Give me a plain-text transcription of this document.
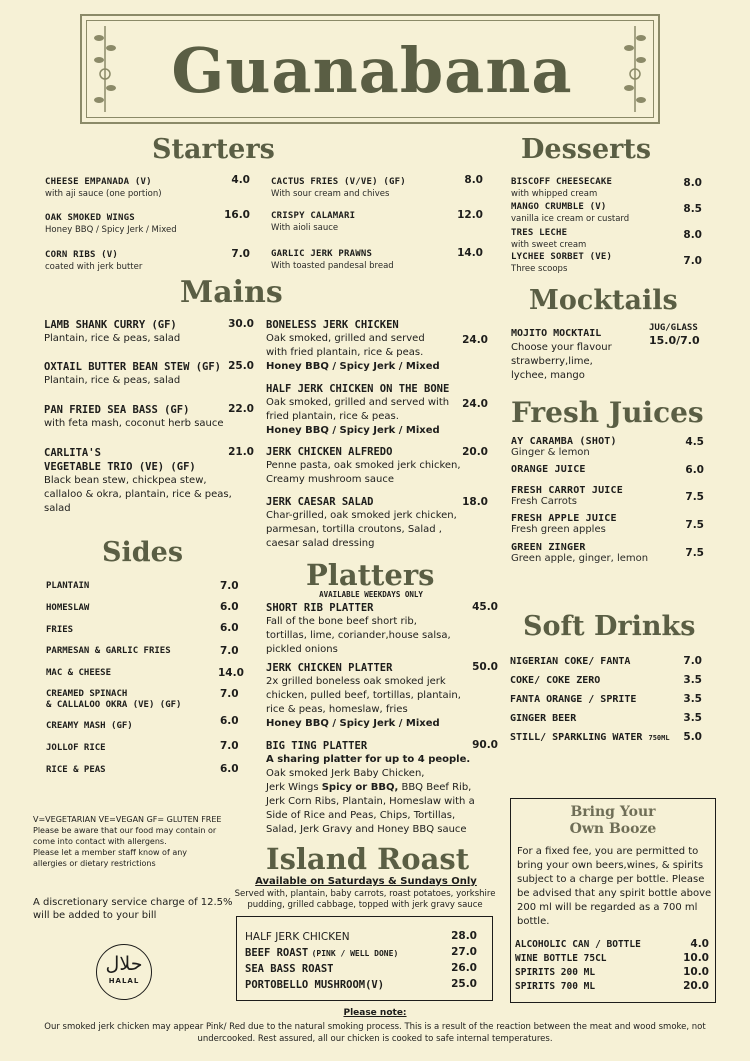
Guanabana
Starters
CHEESE EMPANADA (V)
with aji sauce (one portion)
4.0
OAK SMOKED WINGS
Honey BBQ / Spicy Jerk / Mixed
16.0
CORN RIBS (V)
coated with jerk butter
7.0
CACTUS FRIES (V/VE) (GF)
With sour cream and chives
8.0
CRISPY CALAMARI
With aioli sauce
12.0
GARLIC JERK PRAWNS
With toasted pandesal bread
14.0
Mains
LAMB SHANK CURRY (GF)
Plantain, rice & peas, salad
30.0
OXTAIL BUTTER BEAN STEW (GF)
Plantain, rice & peas, salad
25.0
PAN FRIED SEA BASS (GF)
with feta mash, coconut herb sauce
22.0
CARLITA'S
VEGETABLE TRIO (VE) (GF)
Black bean stew, chickpea stew,
callaloo & okra, plantain, rice & peas, salad
21.0
BONELESS JERK CHICKEN
Oak smoked, grilled and served
with fried plantain, rice & peas.
Honey BBQ / Spicy Jerk / Mixed
24.0
HALF JERK CHICKEN ON THE BONE
Oak smoked, grilled and served with
fried plantain, rice & peas.
Honey BBQ / Spicy Jerk / Mixed
24.0
JERK CHICKEN ALFREDO
Penne pasta, oak smoked jerk chicken,
Creamy mushroom sauce
20.0
JERK CAESAR SALAD
Char-grilled, oak smoked jerk chicken,
parmesan, tortilla croutons, Salad ,
caesar salad dressing
18.0
Sides
PLANTAIN	7.0
HOMESLAW	6.0
FRIES	6.0
PARMESAN & GARLIC FRIES	7.0
MAC & CHEESE	14.0
CREAMED SPINACH
& CALLALOO OKRA (VE) (GF)
7.0
CREAMY MASH (GF)	6.0
JOLLOF RICE	7.0
RICE & PEAS	6.0
V=VEGETARIAN VE=VEGAN GF= GLUTEN FREE
Please be aware that our food may contain or
come into contact with allergens.
Please let a member staff know of any
allergies or dietary restrictions
A discretionary service charge of 12.5%
will be added to your bill
حلال
HALAL
Platters
AVAILABLE WEEKDAYS ONLY
SHORT RIB PLATTER
Fall of the bone beef short rib,
tortillas, lime, coriander,house salsa,
pickled onions
45.0
JERK CHICKEN PLATTER
2x grilled boneless oak smoked jerk
chicken, pulled beef, tortillas, plantain,
rice & peas, homeslaw, fries
Honey BBQ / Spicy Jerk / Mixed
50.0
BIG TING PLATTER
A sharing platter for up to 4 people.
Oak smoked Jerk Baby Chicken,
Jerk Wings Spicy or BBQ, BBQ Beef Rib,
Jerk Corn Ribs, Plantain, Homeslaw with a
Side of Rice and Peas, Chips, Tortillas,
Salad, Jerk Gravy and Honey BBQ sauce
90.0
Island Roast
Available on Saturdays & Sundays Only
Served with, plantain, baby carrots, roast potatoes, yorkshire
pudding, grilled cabbage, topped with jerk gravy sauce
HALF JERK CHICKEN	28.0
BEEF ROAST (PINK / WELL DONE)	27.0
SEA BASS ROAST	26.0
PORTOBELLO MUSHROOM(V)	25.0
Please note:
Our smoked jerk chicken may appear Pink/ Red due to the natural smoking process. This is a result of the reaction between the meat and wood smoke, not
undercooked. Rest assured, all our chicken is cooked to safe internal temperatures.
Desserts
BISCOFF CHEESECAKE
with whipped cream
8.0
MANGO CRUMBLE (V)
vanilla ice cream or custard
8.5
TRES LECHE
with sweet cream
8.0
LYCHEE SORBET (VE)
Three scoops
7.0
Mocktails
JUG/GLASS
15.0/7.0
MOJITO MOCKTAIL
Choose your flavour
strawberry,lime,
lychee, mango
Fresh Juices
AY CARAMBA (SHOT)
Ginger & lemon
4.5
ORANGE JUICE	6.0
FRESH CARROT JUICE
Fresh Carrots	7.5
FRESH APPLE JUICE
Fresh green apples	7.5
GREEN ZINGER
Green apple, ginger, lemon	7.5
Soft Drinks
NIGERIAN COKE/ FANTA	7.0
COKE/ COKE ZERO	3.5
FANTA ORANGE / SPRITE	3.5
GINGER BEER	3.5
STILL/ SPARKLING WATER 750ML	5.0
Bring Your
Own Booze
For a fixed fee, you are permitted to
bring your own beers,wines, & spirits
subject to a charge per bottle. Please
be advised that any spirit bottle above
200 ml will be regarded as a 700 ml
bottle.
ALCOHOLIC CAN / BOTTLE	4.0
WINE BOTTLE 75CL	10.0
SPIRITS 200 ML	10.0
SPIRITS 700 ML	20.0
